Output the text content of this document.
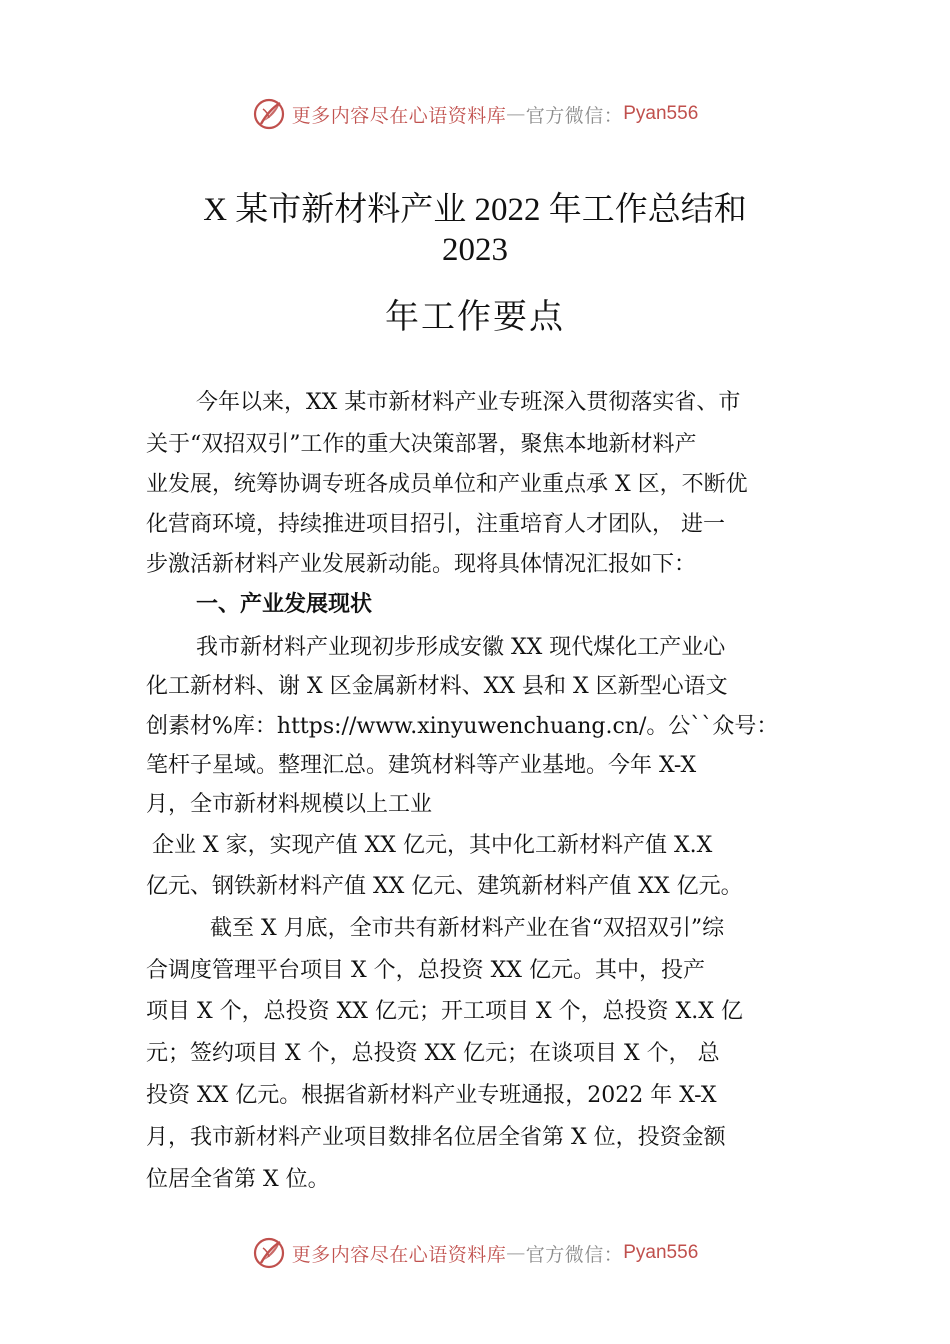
更多内容尽在心语资料库 — 官方微信： Pyan556
X 某市新材料产业 2022 年工作总结和
2023
年工作要点
今年以来，XX 某市新材料产业专班深入贯彻落实省、市
关于“双招双引”工作的重大决策部署，聚焦本地新材料产
业发展，统筹协调专班各成员单位和产业重点承 X 区，不断优
化营商环境，持续推进项目招引，注重培育人才团队， 进一
步激活新材料产业发展新动能。现将具体情况汇报如下：
一、产业发展现状
我市新材料产业现初步形成安徽 XX 现代煤化工产业心
化工新材料、谢 X 区金属新材料、XX 县和 X 区新型心语文
创素材%库：https://www.xinyuwenchuang.cn/。公``众号：
笔杆子星域。整理汇总。建筑材料等产业基地。今年 X-X
月，全市新材料规模以上工业
企业 X 家，实现产值 XX 亿元，其中化工新材料产值 X.X
亿元、钢铁新材料产值 XX 亿元、建筑新材料产值 XX 亿元。
截至 X 月底，全市共有新材料产业在省“双招双引”综
合调度管理平台项目 X 个，总投资 XX 亿元。其中，投产
项目 X 个，总投资 XX 亿元；开工项目 X 个，总投资 X.X 亿
元；签约项目 X 个，总投资 XX 亿元；在谈项目 X 个， 总
投资 XX 亿元。根据省新材料产业专班通报，2022 年 X-X
月，我市新材料产业项目数排名位居全省第 X 位，投资金额
位居全省第 X 位。
更多内容尽在心语资料库 — 官方微信： Pyan556
